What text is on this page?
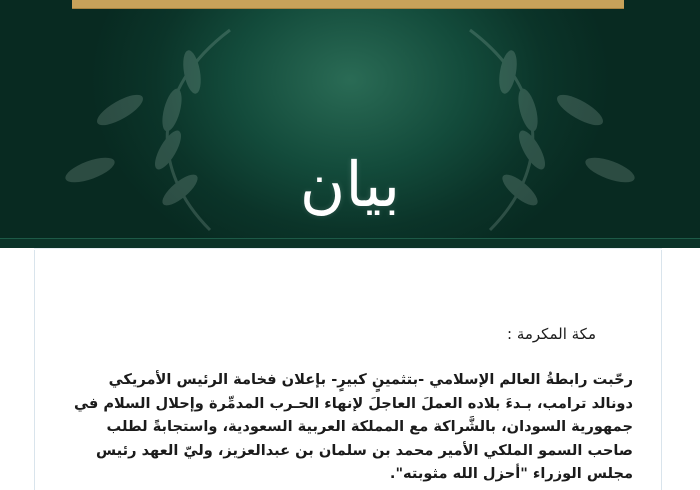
بيان
مكة المكرمة :
رحّبت رابطةُ العالم الإسلامي -بتثمينٍ كبيرٍ- بإعلان فخامة الرئيس الأمريكي
دونالد ترامب، بـدءَ بلاده العملَ العاجلَ لإنهاء الحـرب المدمِّرة وإحلال السلام في
جمهورية السودان، بالشَّراكة مع المملكة العربية السعودية، واستجابةً لطلب
صاحب السمو الملكي الأمير محمد بن سلمان بن عبدالعزيز، وليّ العهد رئيس
مجلس الوزراء "أحزل الله مثوبته".
